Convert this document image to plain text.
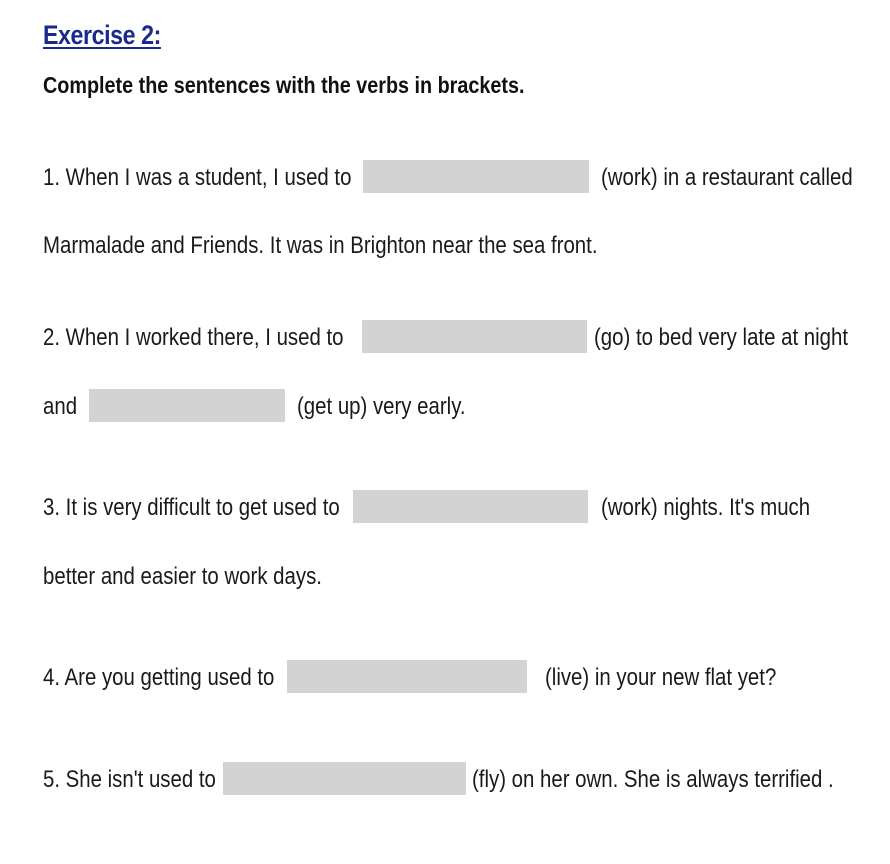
Exercise 2:
Complete the sentences with the verbs in brackets.
1. When I was a student, I used to	(work) in a restaurant called
Marmalade and Friends. It was in Brighton near the sea front.
2. When I worked there, I used to	(go) to bed very late at night
and	(get up) very early.
3. It is very difficult to get used to	(work) nights. It's much
better and easier to work days.
4. Are you getting used to	(live) in your new flat yet?
5. She isn't used to	(fly) on her own. She is always terrified .
